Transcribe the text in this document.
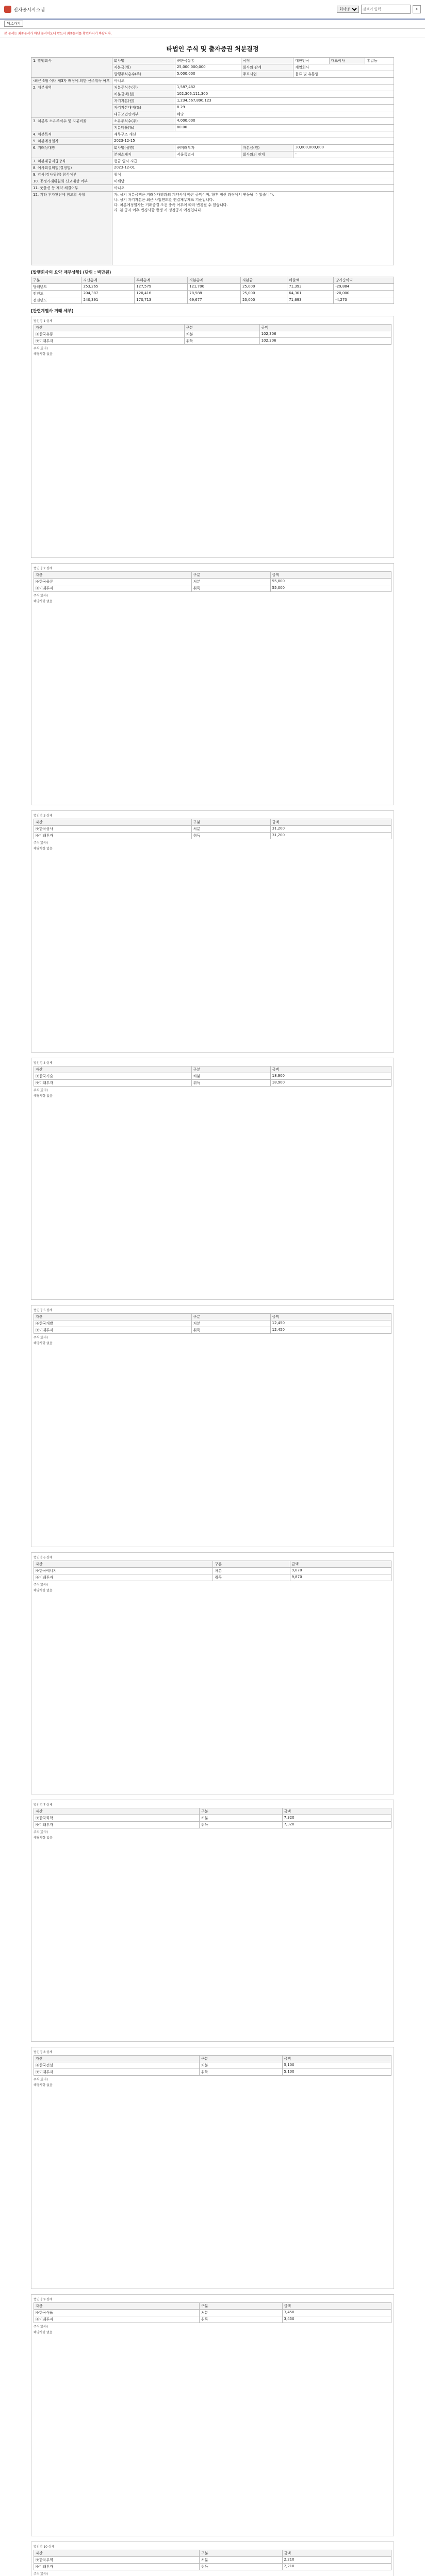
전자공시시스템
회사명
검색어 입력	⌕
뒤로가기
본 문서는 최종문서가 아닌 문서이오니 반드시 최종문서를 확인하시기 바랍니다.
타법인 주식 및 출자증권 처분결정
1. 발행회사	회사명	㈜한국유통	국적	대한민국	대표이사	홍길동
	자본금(원)	25,000,000,000	회사와 관계	계열회사		
	발행주식총수(주)	5,000,000	주요사업	물류 및 유통업		
-최근 6월 이내 제3자 배정에 의한 신주취득 여부	아니오					
2. 처분내역	처분주식수(주)	1,587,482				
	처분금액(원)	102,306,111,300				
	자기자본(원)	1,234,567,890,123				
	자기자본대비(%)	8.29				
	대규모법인여부	해당				
3. 처분후 소유주식수 및 지분비율	소유주식수(주)	4,000,000				
	지분비율(%)	80.00				
4. 처분목적	재무구조 개선					
5. 처분예정일자	2023-12-15					
6. 거래상대방	회사명(성명)	㈜미래투자	자본금(원)	30,000,000,000		
	본점소재지	서울특별시	회사와의 관계	-		
7. 처분대금지급방식	현금 일시 지급					
8. 이사회결의일(결정일)	2023-12-01					
9. 감사(감사위원) 참석여부	참석					
10. 공정거래위원회 신고대상 여부	미해당					
11. 풋옵션 등 계약 체결여부	아니오					
12. 기타 투자판단에 참고할 사항	가. 상기 처분금액은 거래상대방과의 계약서에 따른 금액이며, 향후 정산 과정에서 변동될 수 있습니다.
나. 상기 자기자본은 최근 사업연도말 연결재무제표 기준입니다.
다. 처분예정일자는 거래종결 조건 충족 여부에 따라 변경될 수 있습니다.
라. 본 공시 이후 변경사항 발생 시 정정공시 예정입니다.					
[발행회사의 요약 재무상황] (단위 : 백만원)
구분	자산총계	부채총계	자본총계	자본금	매출액	당기순이익
당해년도	253,265	127,579	121,700	25,000	71,393	-29,884
전년도	204,387	120,416	78,588	25,000	64,301	-20,000
전전년도	240,391	170,713	69,677	23,000	71,693	-4,270
[관련계열사 거래 세부]
법인명 1 상세
자산	구분	금액
㈜한국유통	처분	102,306
㈜미래투자	취득	102,306
주식(출자)
해당사항 없음
법인명 2 상세
자산	구분	금액
㈜한국물류	처분	55,000
㈜미래투자	취득	55,000
주식(출자)
해당사항 없음
법인명 3 상세
자산	구분	금액
㈜한국상사	처분	31,200
㈜미래투자	취득	31,200
주식(출자)
해당사항 없음
법인명 4 상세
자산	구분	금액
㈜한국기술	처분	18,900
㈜미래투자	취득	18,900
주식(출자)
해당사항 없음
법인명 5 상세
자산	구분	금액
㈜한국개발	처분	12,450
㈜미래투자	취득	12,450
주식(출자)
해당사항 없음
법인명 6 상세
자산	구분	금액
㈜한국에너지	처분	9,870
㈜미래투자	취득	9,870
주식(출자)
해당사항 없음
법인명 7 상세
자산	구분	금액
㈜한국화학	처분	7,320
㈜미래투자	취득	7,320
주식(출자)
해당사항 없음
법인명 8 상세
자산	구분	금액
㈜한국건설	처분	5,100
㈜미래투자	취득	5,100
주식(출자)
해당사항 없음
법인명 9 상세
자산	구분	금액
㈜한국식품	처분	3,450
㈜미래투자	취득	3,450
주식(출자)
해당사항 없음
법인명 10 상세
자산	구분	금액
㈜한국무역	처분	2,210
㈜미래투자	취득	2,210
주식(출자)
